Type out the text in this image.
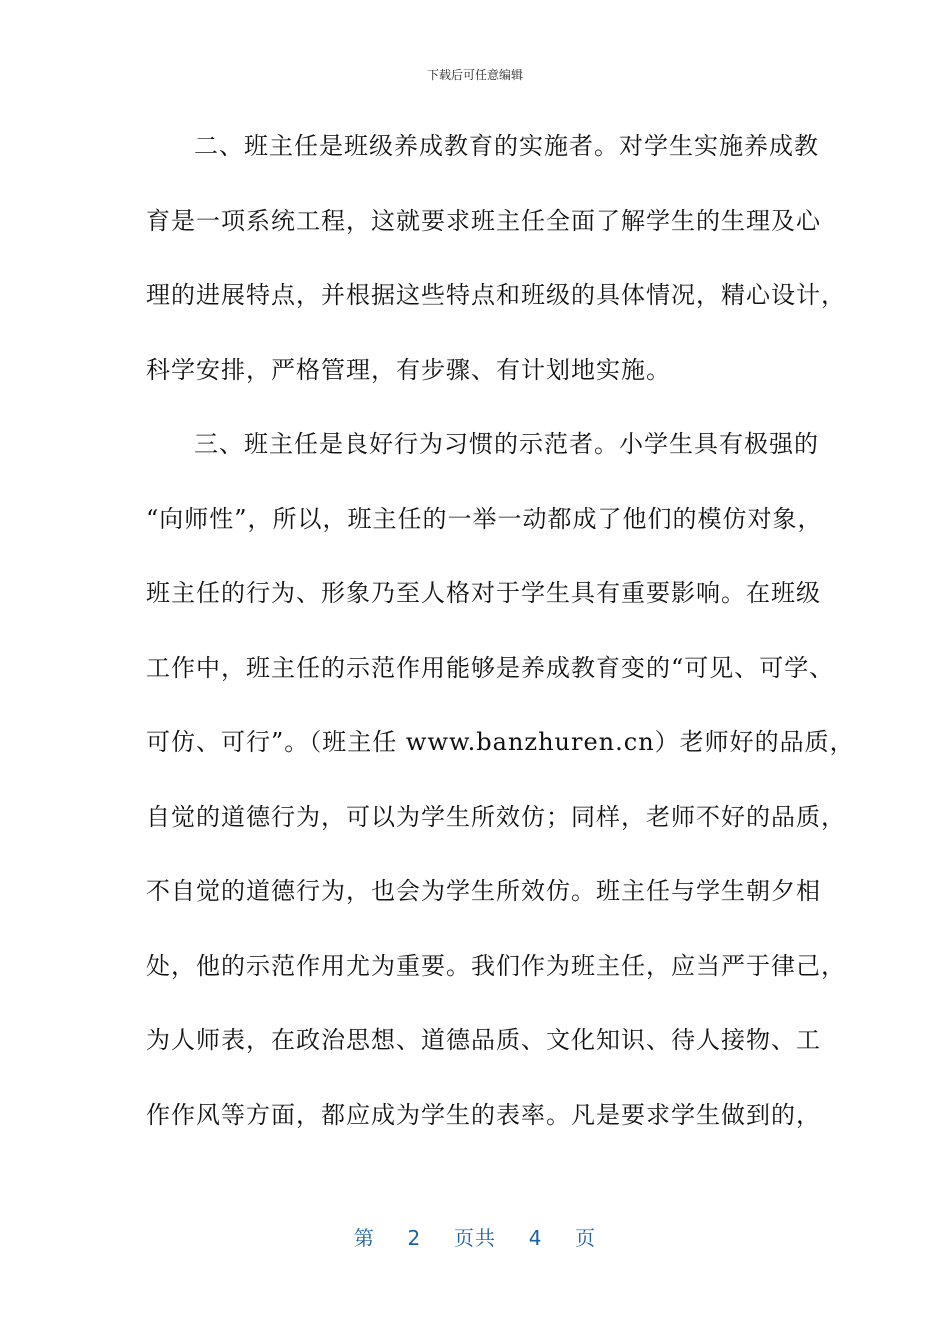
下载后可任意编辑
二、班主任是班级养成教育的实施者。对学生实施养成教
育是一项系统工程，这就要求班主任全面了解学生的生理及心
理的进展特点，并根据这些特点和班级的具体情况，精心设计，
科学安排，严格管理，有步骤、有计划地实施。
三、班主任是良好行为习惯的示范者。小学生具有极强的
“向师性”，所以，班主任的一举一动都成了他们的模仿对象，
班主任的行为、形象乃至人格对于学生具有重要影响。在班级
工作中，班主任的示范作用能够是养成教育变的“可见、可学、
可仿、可行”。（班主任 www.banzhuren.cn）老师好的品质，
自觉的道德行为，可以为学生所效仿；同样，老师不好的品质，
不自觉的道德行为，也会为学生所效仿。班主任与学生朝夕相
处，他的示范作用尤为重要。我们作为班主任，应当严于律己，
为人师表，在政治思想、道德品质、文化知识、待人接物、工
作作风等方面，都应成为学生的表率。凡是要求学生做到的，
第 2 页共 4 页
